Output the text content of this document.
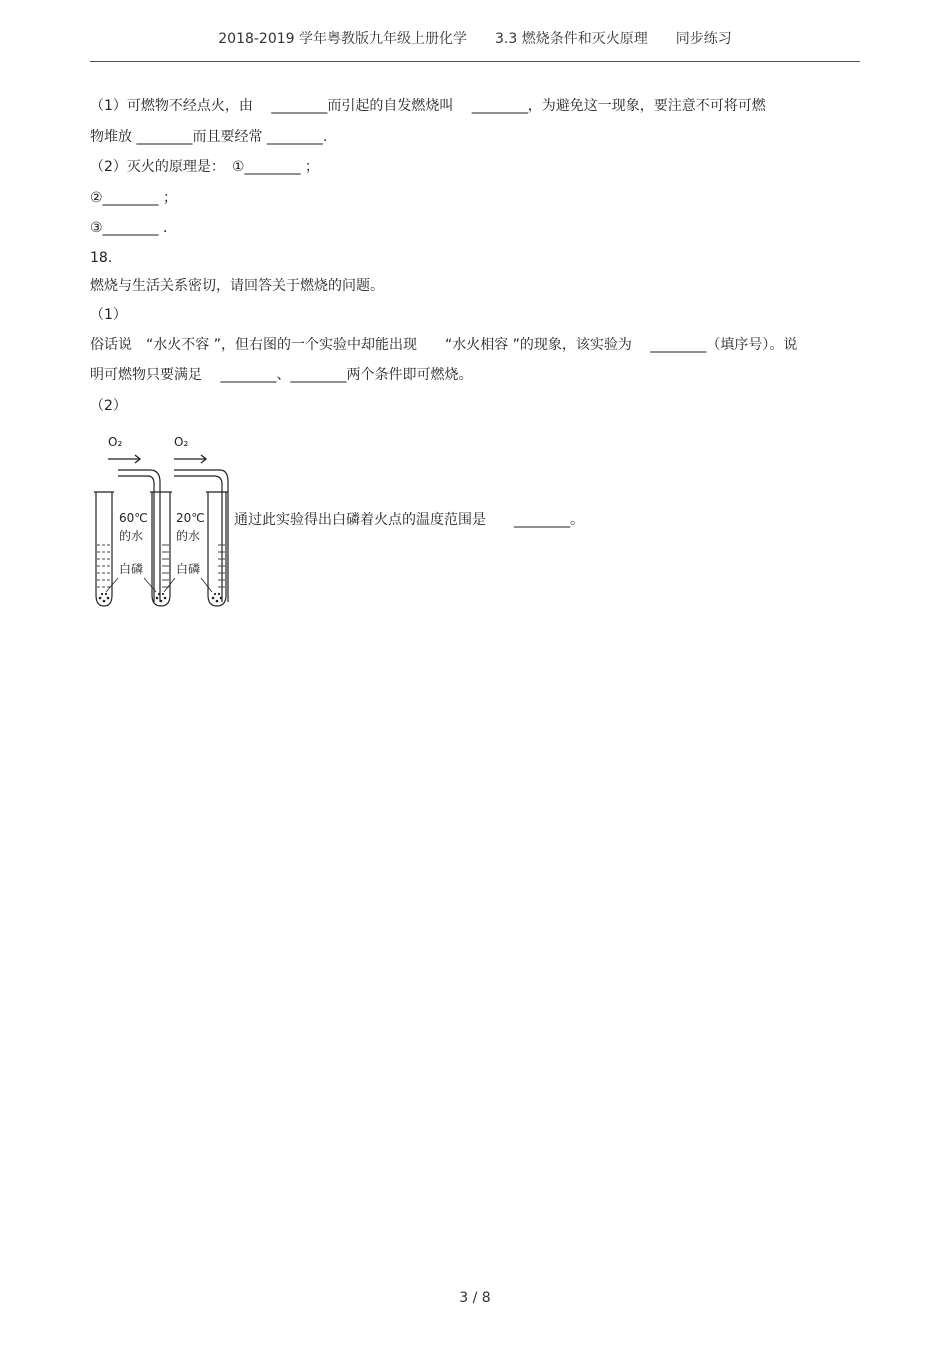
2018-2019 学年粤教版九年级上册化学　　3.3 燃烧条件和灭火原理　　同步练习
（1）可燃物不经点火，由　 ________而引起的自发燃烧叫　 ________，为避免这一现象，要注意不可将可燃
物堆放 ________而且要经常 ________.
（2）灭火的原理是：　①________ ；
②________ ；
③________ .
18.
燃烧与生活关系密切，请回答关于燃烧的问题。
（1）
俗话说　“水火不容 ”，但右图的一个实验中却能出现　　“水火相容 ”的现象，该实验为　 ________（填序号）。说
明可燃物只要满足　 ________、________两个条件即可燃烧。
（2）
O₂	O₂
60℃
的水
20℃
的水
白磷	白磷
通过此实验得出白磷着火点的温度范围是　　________。
3 / 8
